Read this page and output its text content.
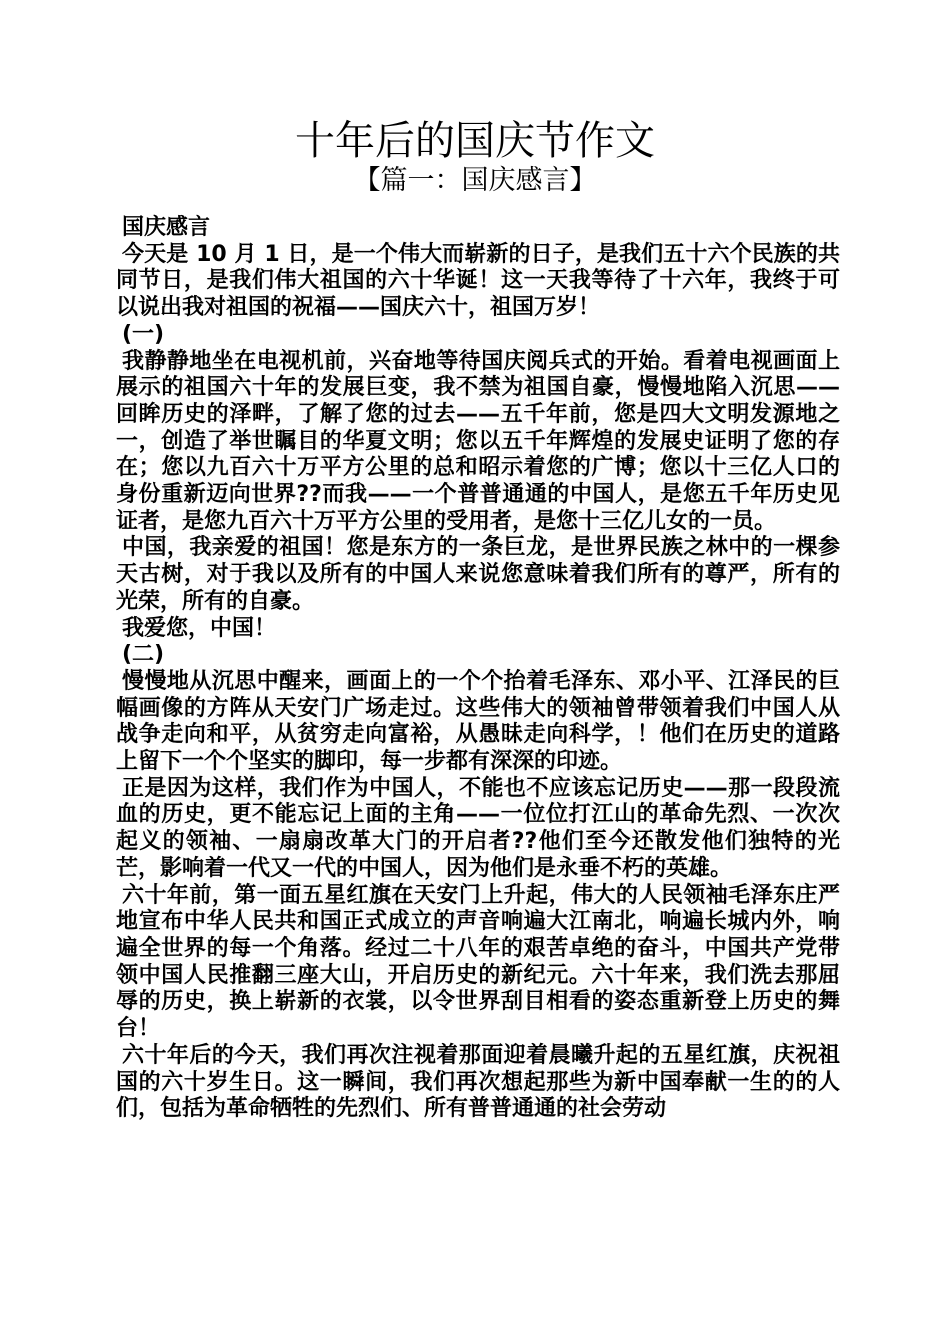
十年后的国庆节作文
【篇一：国庆感言】

国庆感言

今天是 10 月 1 日，是一个伟大而崭新的日子，是我们五十六个民族的共同节日，是我们伟大祖国的六十华诞！这一天我等待了十六年，我终于可以说出我对祖国的祝福——国庆六十，祖国万岁！

(一)

我静静地坐在电视机前，兴奋地等待国庆阅兵式的开始。看着电视画面上展示的祖国六十年的发展巨变，我不禁为祖国自豪，慢慢地陷入沉思——回眸历史的泽畔，了解了您的过去——五千年前，您是四大文明发源地之一，创造了举世瞩目的华夏文明；您以五千年辉煌的发展史证明了您的存在；您以九百六十万平方公里的总和昭示着您的广博；您以十三亿人口的身份重新迈向世界??而我——一个普普通通的中国人，是您五千年历史见证者，是您九百六十万平方公里的受用者，是您十三亿儿女的一员。

中国，我亲爱的祖国！您是东方的一条巨龙，是世界民族之林中的一棵参天古树，对于我以及所有的中国人来说您意味着我们所有的尊严，所有的光荣，所有的自豪。

我爱您，中国！

(二)

慢慢地从沉思中醒来，画面上的一个个抬着毛泽东、邓小平、江泽民的巨幅画像的方阵从天安门广场走过。这些伟大的领袖曾带领着我们中国人从战争走向和平，从贫穷走向富裕，从愚昧走向科学，！他们在历史的道路上留下一个个坚实的脚印，每一步都有深深的印迹。

正是因为这样，我们作为中国人，不能也不应该忘记历史——那一段段流血的历史，更不能忘记上面的主角——一位位打江山的革命先烈、一次次起义的领袖、一扇扇改革大门的开启者??他们至今还散发他们独特的光芒，影响着一代又一代的中国人，因为他们是永垂不朽的英雄。

六十年前，第一面五星红旗在天安门上升起，伟大的人民领袖毛泽东庄严地宣布中华人民共和国正式成立的声音响遍大江南北，响遍长城内外，响遍全世界的每一个角落。经过二十八年的艰苦卓绝的奋斗，中国共产党带领中国人民推翻三座大山，开启历史的新纪元。六十年来，我们洗去那屈辱的历史，换上崭新的衣裳，以令世界刮目相看的姿态重新登上历史的舞台！

六十年后的今天，我们再次注视着那面迎着晨曦升起的五星红旗，庆祝祖国的六十岁生日。这一瞬间，我们再次想起那些为新中国奉献一生的的人们，包括为革命牺牲的先烈们、所有普普通通的社会劳动
